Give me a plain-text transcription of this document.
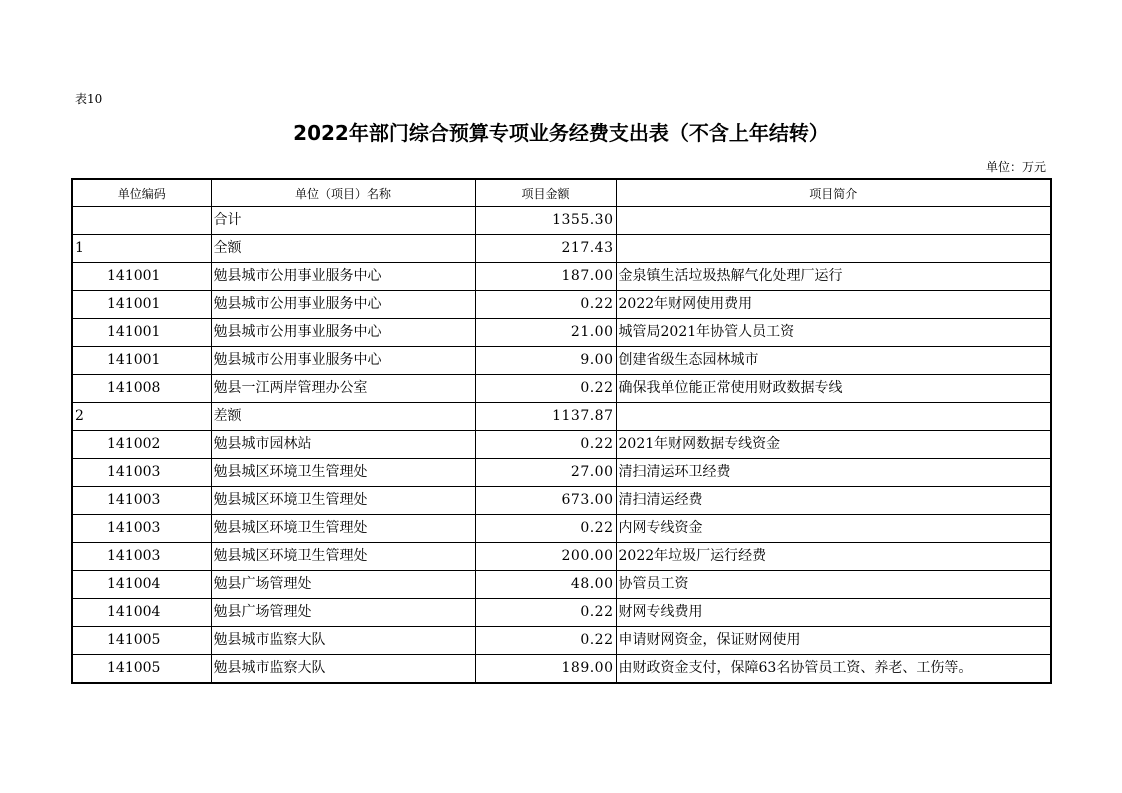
表10
2022年部门综合预算专项业务经费支出表（不含上年结转）
单位：万元
单位编码	单位（项目）名称	项目金额	项目简介
	合计	1355.30	
1	全额	217.43	
141001	勉县城市公用事业服务中心	187.00	金泉镇生活垃圾热解气化处理厂运行
141001	勉县城市公用事业服务中心	0.22	2022年财网使用费用
141001	勉县城市公用事业服务中心	21.00	城管局2021年协管人员工资
141001	勉县城市公用事业服务中心	9.00	创建省级生态园林城市
141008	勉县一江两岸管理办公室	0.22	确保我单位能正常使用财政数据专线
2	差额	1137.87	
141002	勉县城市园林站	0.22	2021年财网数据专线资金
141003	勉县城区环境卫生管理处	27.00	清扫清运环卫经费
141003	勉县城区环境卫生管理处	673.00	清扫清运经费
141003	勉县城区环境卫生管理处	0.22	内网专线资金
141003	勉县城区环境卫生管理处	200.00	2022年垃圾厂运行经费
141004	勉县广场管理处	48.00	协管员工资
141004	勉县广场管理处	0.22	财网专线费用
141005	勉县城市监察大队	0.22	申请财网资金，保证财网使用
141005	勉县城市监察大队	189.00	由财政资金支付，保障63名协管员工资、养老、工伤等。
